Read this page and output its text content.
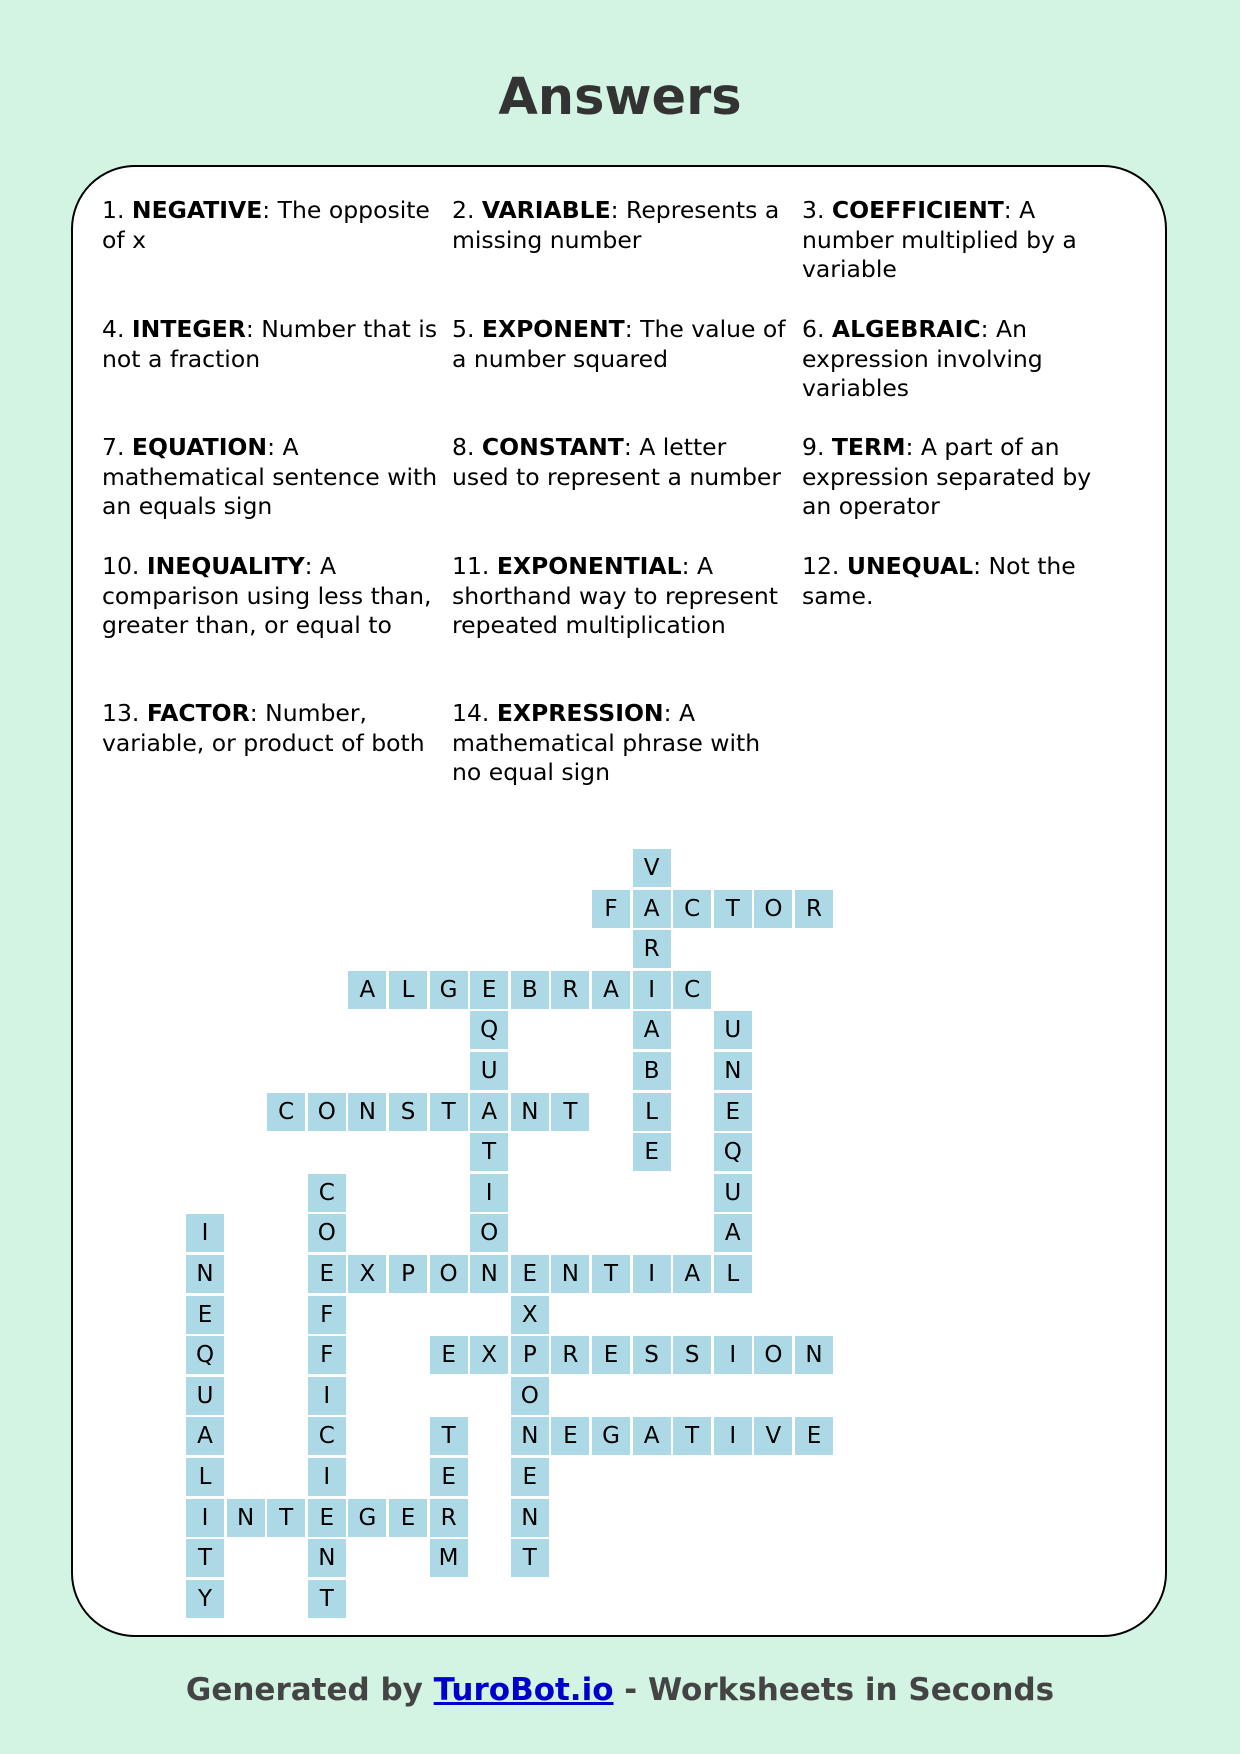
Answers
1. NEGATIVE: The opposite of x
2. VARIABLE: Represents a missing number
3. COEFFICIENT: A number multiplied by a variable
4. INTEGER: Number that is not a fraction
5. EXPONENT: The value of a number squared
6. ALGEBRAIC: An expression involving variables
7. EQUATION: A mathematical sentence with an equals sign
8. CONSTANT: A letter used to represent a number
9. TERM: A part of an expression separated by an operator
10. INEQUALITY: A comparison using less than, greater than, or equal to
11. EXPONENTIAL: A shorthand way to represent repeated multiplication
12. UNEQUAL: Not the same.
13. FACTOR: Number, variable, or product of both
14. EXPRESSION: A mathematical phrase with no equal sign
V
A
R
I
A
B
L
E
F	C	T	O	R
A	L	G	E	B	R	A	C
Q
U
A
T
I
O
N
U
N
E
Q
U
A
L
C	O N	S	T	N	T
C
O
E
F
F
I
C
I
E
N
T
I
N
E
Q
U
A
L
I
T
Y
X	P	O	E	N	T	I	A
X
P
O
N
E
N
T
E	X	R	E	S	S	I	O N
T
E
R
M
E	G	A	T	I	V	E
N	T	G	E
Generated by TuroBot.io - Worksheets in Seconds
